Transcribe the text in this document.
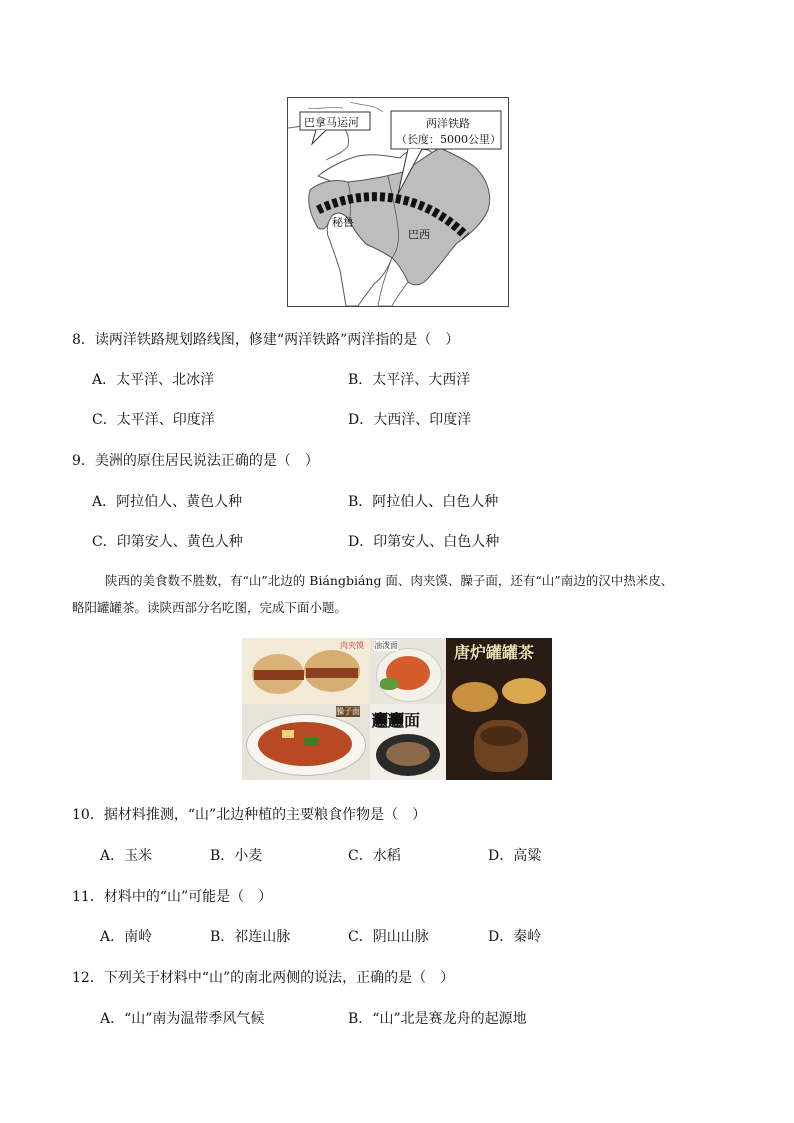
巴拿马运河	两洋铁路
（长度：5000公里）
秘鲁
巴西
8．读两洋铁路规划路线图，修建“两洋铁路”两洋指的是（　）
A．太平洋、北冰洋	B．太平洋、大西洋
C．太平洋、印度洋	D．大西洋、印度洋
9．美洲的原住居民说法正确的是（　）
A．阿拉伯人、黄色人种	B．阿拉伯人、白色人种
C．印第安人、黄色人种	D．印第安人、白色人种
陕西的美食数不胜数，有“山”北边的 Biángbiáng 面、肉夹馍、臊子面，还有“山”南边的汉中热米皮、
略阳罐罐茶。读陕西部分名吃图，完成下面小题。
肉夹馍 油泼面	唐炉罐罐茶
臊子面 𰻞𰻞面
10．据材料推测，“山”北边种植的主要粮食作物是（　）
A．玉米	B．小麦	C．水稻	D．高粱
11．材料中的“山”可能是（　）
A．南岭	B．祁连山脉	C．阴山山脉	D．秦岭
12．下列关于材料中“山”的南北两侧的说法，正确的是（　）
A．“山”南为温带季风气候	B．“山”北是赛龙舟的起源地
